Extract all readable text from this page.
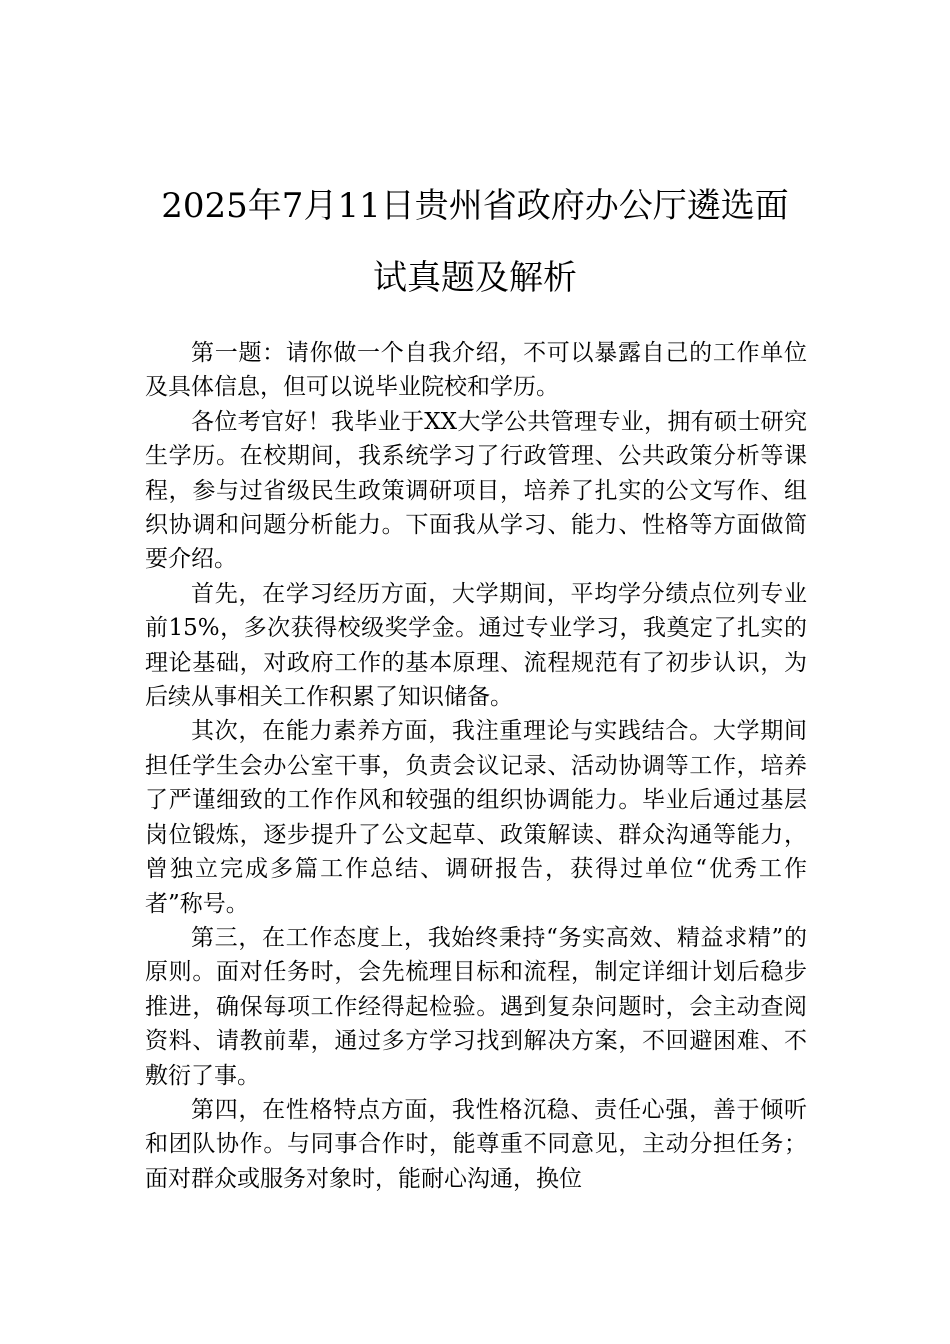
2025年7月11日贵州省政府办公厅遴选面
试真题及解析

第一题：请你做一个自我介绍，不可以暴露自己的工作单位及具体信息，但可以说毕业院校和学历。

各位考官好！我毕业于XX大学公共管理专业，拥有硕士研究生学历。在校期间，我系统学习了行政管理、公共政策分析等课程，参与过省级民生政策调研项目，培养了扎实的公文写作、组织协调和问题分析能力。下面我从学习、能力、性格等方面做简要介绍。

首先，在学习经历方面，大学期间，平均学分绩点位列专业前15%，多次获得校级奖学金。通过专业学习，我奠定了扎实的理论基础，对政府工作的基本原理、流程规范有了初步认识，为后续从事相关工作积累了知识储备。

其次，在能力素养方面，我注重理论与实践结合。大学期间担任学生会办公室干事，负责会议记录、活动协调等工作，培养了严谨细致的工作作风和较强的组织协调能力。毕业后通过基层岗位锻炼，逐步提升了公文起草、政策解读、群众沟通等能力，曾独立完成多篇工作总结、调研报告，获得过单位“优秀工作者”称号。

第三，在工作态度上，我始终秉持“务实高效、精益求精”的原则。面对任务时，会先梳理目标和流程，制定详细计划后稳步推进，确保每项工作经得起检验。遇到复杂问题时，会主动查阅资料、请教前辈，通过多方学习找到解决方案，不回避困难、不敷衍了事。

第四，在性格特点方面，我性格沉稳、责任心强，善于倾听和团队协作。与同事合作时，能尊重不同意见，主动分担任务；面对群众或服务对象时，能耐心沟通，换位
